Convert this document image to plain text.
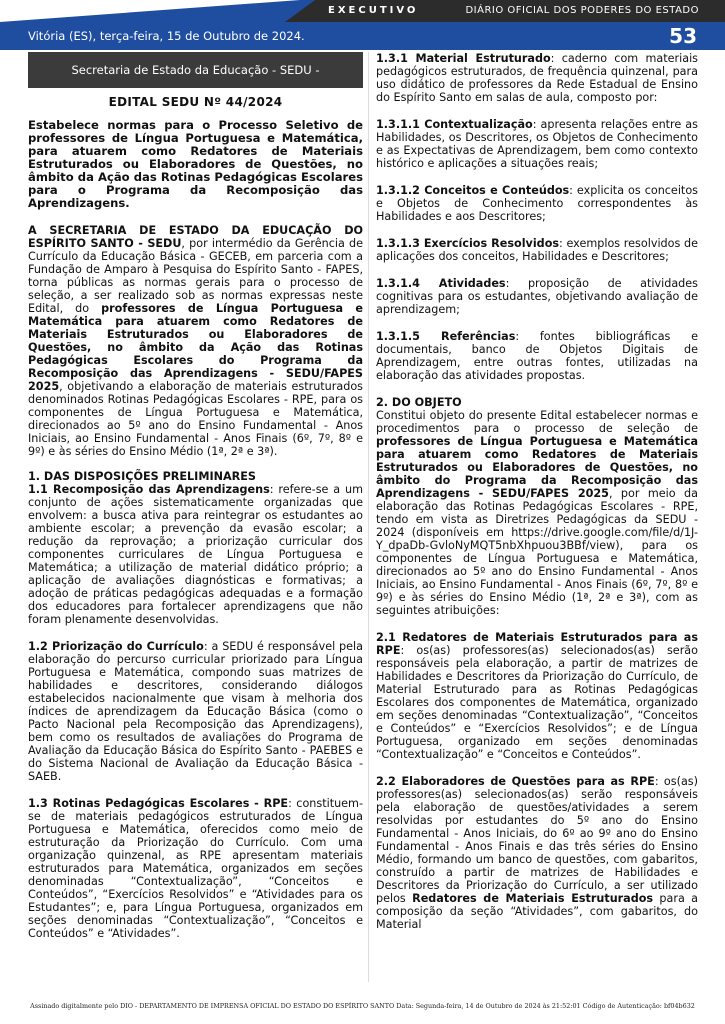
EXECUTIVO	DIÁRIO OFICIAL DOS PODERES DO ESTADO
Vitória (ES), terça-feira, 15 de Outubro de 2024.	53
Secretaria de Estado da Educação - SEDU -
EDITAL SEDU Nº 44/2024
Estabelece normas para o Processo Seletivo de professores de Língua Portuguesa e Matemática, para atuarem como Redatores de Materiais Estruturados ou Elaboradores de Questões, no âmbito da Ação das Rotinas Pedagógicas Escolares para o Programa da Recomposição das Aprendizagens.

A SECRETARIA DE ESTADO DA EDUCAÇÃO DO ESPÍRITO SANTO - SEDU, por intermédio da Gerência de Currículo da Educação Básica - GECEB, em parceria com a Fundação de Amparo à Pesquisa do Espírito Santo - FAPES, torna públicas as normas gerais para o processo de seleção, a ser realizado sob as normas expressas neste Edital, do professores de Língua Portuguesa e Matemática para atuarem como Redatores de Materiais Estruturados ou Elaboradores de Questões, no âmbito da Ação das Rotinas Pedagógicas Escolares do Programa da Recomposição das Aprendizagens - SEDU/FAPES 2025, objetivando a elaboração de materiais estruturados denominados Rotinas Pedagógicas Escolares - RPE, para os componentes de Língua Portuguesa e Matemática, direcionados ao 5º ano do Ensino Fundamental - Anos Iniciais, ao Ensino Fundamental - Anos Finais (6º, 7º, 8º e 9º) e às séries do Ensino Médio (1ª, 2ª e 3ª).

1. DAS DISPOSIÇÕES PRELIMINARES

1.1 Recomposição das Aprendizagens: refere-se a um conjunto de ações sistematicamente organizadas que envolvem: a busca ativa para reintegrar os estudantes ao ambiente escolar; a prevenção da evasão escolar; a redução da reprovação; a priorização curricular dos componentes curriculares de Língua Portuguesa e Matemática; a utilização de material didático próprio; a aplicação de avaliações diagnósticas e formativas; a adoção de práticas pedagógicas adequadas e a formação dos educadores para fortalecer aprendizagens que não foram plenamente desenvolvidas.

1.2 Priorização do Currículo: a SEDU é responsável pela elaboração do percurso curricular priorizado para Língua Portuguesa e Matemática, compondo suas matrizes de habilidades e descritores, considerando diálogos estabelecidos nacionalmente que visam à melhoria dos índices de aprendizagem da Educação Básica (como o Pacto Nacional pela Recomposição das Aprendizagens), bem como os resultados de avaliações do Programa de Avaliação da Educação Básica do Espírito Santo - PAEBES e do Sistema Nacional de Avaliação da Educação Básica - SAEB.

1.3 Rotinas Pedagógicas Escolares - RPE: constituem-se de materiais pedagógicos estruturados de Língua Portuguesa e Matemática, oferecidos como meio de estruturação da Priorização do Currículo. Com uma organização quinzenal, as RPE apresentam materiais estruturados para Matemática, organizados em seções denominadas “Contextualização”, “Conceitos e Conteúdos”, “Exercícios Resolvidos” e “Atividades para os Estudantes”; e, para Língua Portuguesa, organizados em seções denominadas “Contextualização”, “Conceitos e Conteúdos” e “Atividades”.

1.3.1 Material Estruturado: caderno com materiais pedagógicos estruturados, de frequência quinzenal, para uso didático de professores da Rede Estadual de Ensino do Espírito Santo em salas de aula, composto por:

1.3.1.1 Contextualização: apresenta relações entre as Habilidades, os Descritores, os Objetos de Conhecimento e as Expectativas de Aprendizagem, bem como contexto histórico e aplicações a situações reais;

1.3.1.2 Conceitos e Conteúdos: explicita os conceitos e Objetos de Conhecimento correspondentes às Habilidades e aos Descritores;

1.3.1.3 Exercícios Resolvidos: exemplos resolvidos de aplicações dos conceitos, Habilidades e Descritores;

1.3.1.4 Atividades: proposição de atividades cognitivas para os estudantes, objetivando avaliação de aprendizagem;

1.3.1.5 Referências: fontes bibliográficas e documentais, banco de Objetos Digitais de Aprendizagem, entre outras fontes, utilizadas na elaboração das atividades propostas.

2. DO OBJETO

Constitui objeto do presente Edital estabelecer normas e procedimentos para o processo de seleção de professores de Língua Portuguesa e Matemática para atuarem como Redatores de Materiais Estruturados ou Elaboradores de Questões, no âmbito do Programa da Recomposição das Aprendizagens - SEDU/FAPES 2025, por meio da elaboração das Rotinas Pedagógicas Escolares - RPE, tendo em vista as Diretrizes Pedagógicas da SEDU - 2024 (disponíveis em https://drive.google.com/file/d/1J-Y_dpaDb-GvloNyMQT5nbXhpuou3BBf/view), para os componentes de Língua Portuguesa e Matemática, direcionados ao 5º ano do Ensino Fundamental - Anos Iniciais, ao Ensino Fundamental - Anos Finais (6º, 7º, 8º e 9º) e às séries do Ensino Médio (1ª, 2ª e 3ª), com as seguintes atribuições:

2.1 Redatores de Materiais Estruturados para as RPE: os(as) professores(as) selecionados(as) serão responsáveis pela elaboração, a partir de matrizes de Habilidades e Descritores da Priorização do Currículo, de Material Estruturado para as Rotinas Pedagógicas Escolares dos componentes de Matemática, organizado em seções denominadas “Contextualização”, “Conceitos e Conteúdos” e “Exercícios Resolvidos”; e de Língua Portuguesa, organizado em seções denominadas “Contextualização” e “Conceitos e Conteúdos”.

2.2 Elaboradores de Questões para as RPE: os(as) professores(as) selecionados(as) serão responsáveis pela elaboração de questões/atividades a serem resolvidas por estudantes do 5º ano do Ensino Fundamental - Anos Iniciais, do 6º ao 9º ano do Ensino Fundamental - Anos Finais e das três séries do Ensino Médio, formando um banco de questões, com gabaritos, construído a partir de matrizes de Habilidades e Descritores da Priorização do Currículo, a ser utilizado pelos Redatores de Materiais Estruturados para a composição da seção “Atividades”, com gabaritos, do Material

Assinado digitalmente pelo DIO - DEPARTAMENTO DE IMPRENSA OFICIAL DO ESTADO DO ESPÍRITO SANTO Data: Segunda-feira, 14 de Outubro de 2024 às 21:52:01 Código de Autenticação: bf04b632
